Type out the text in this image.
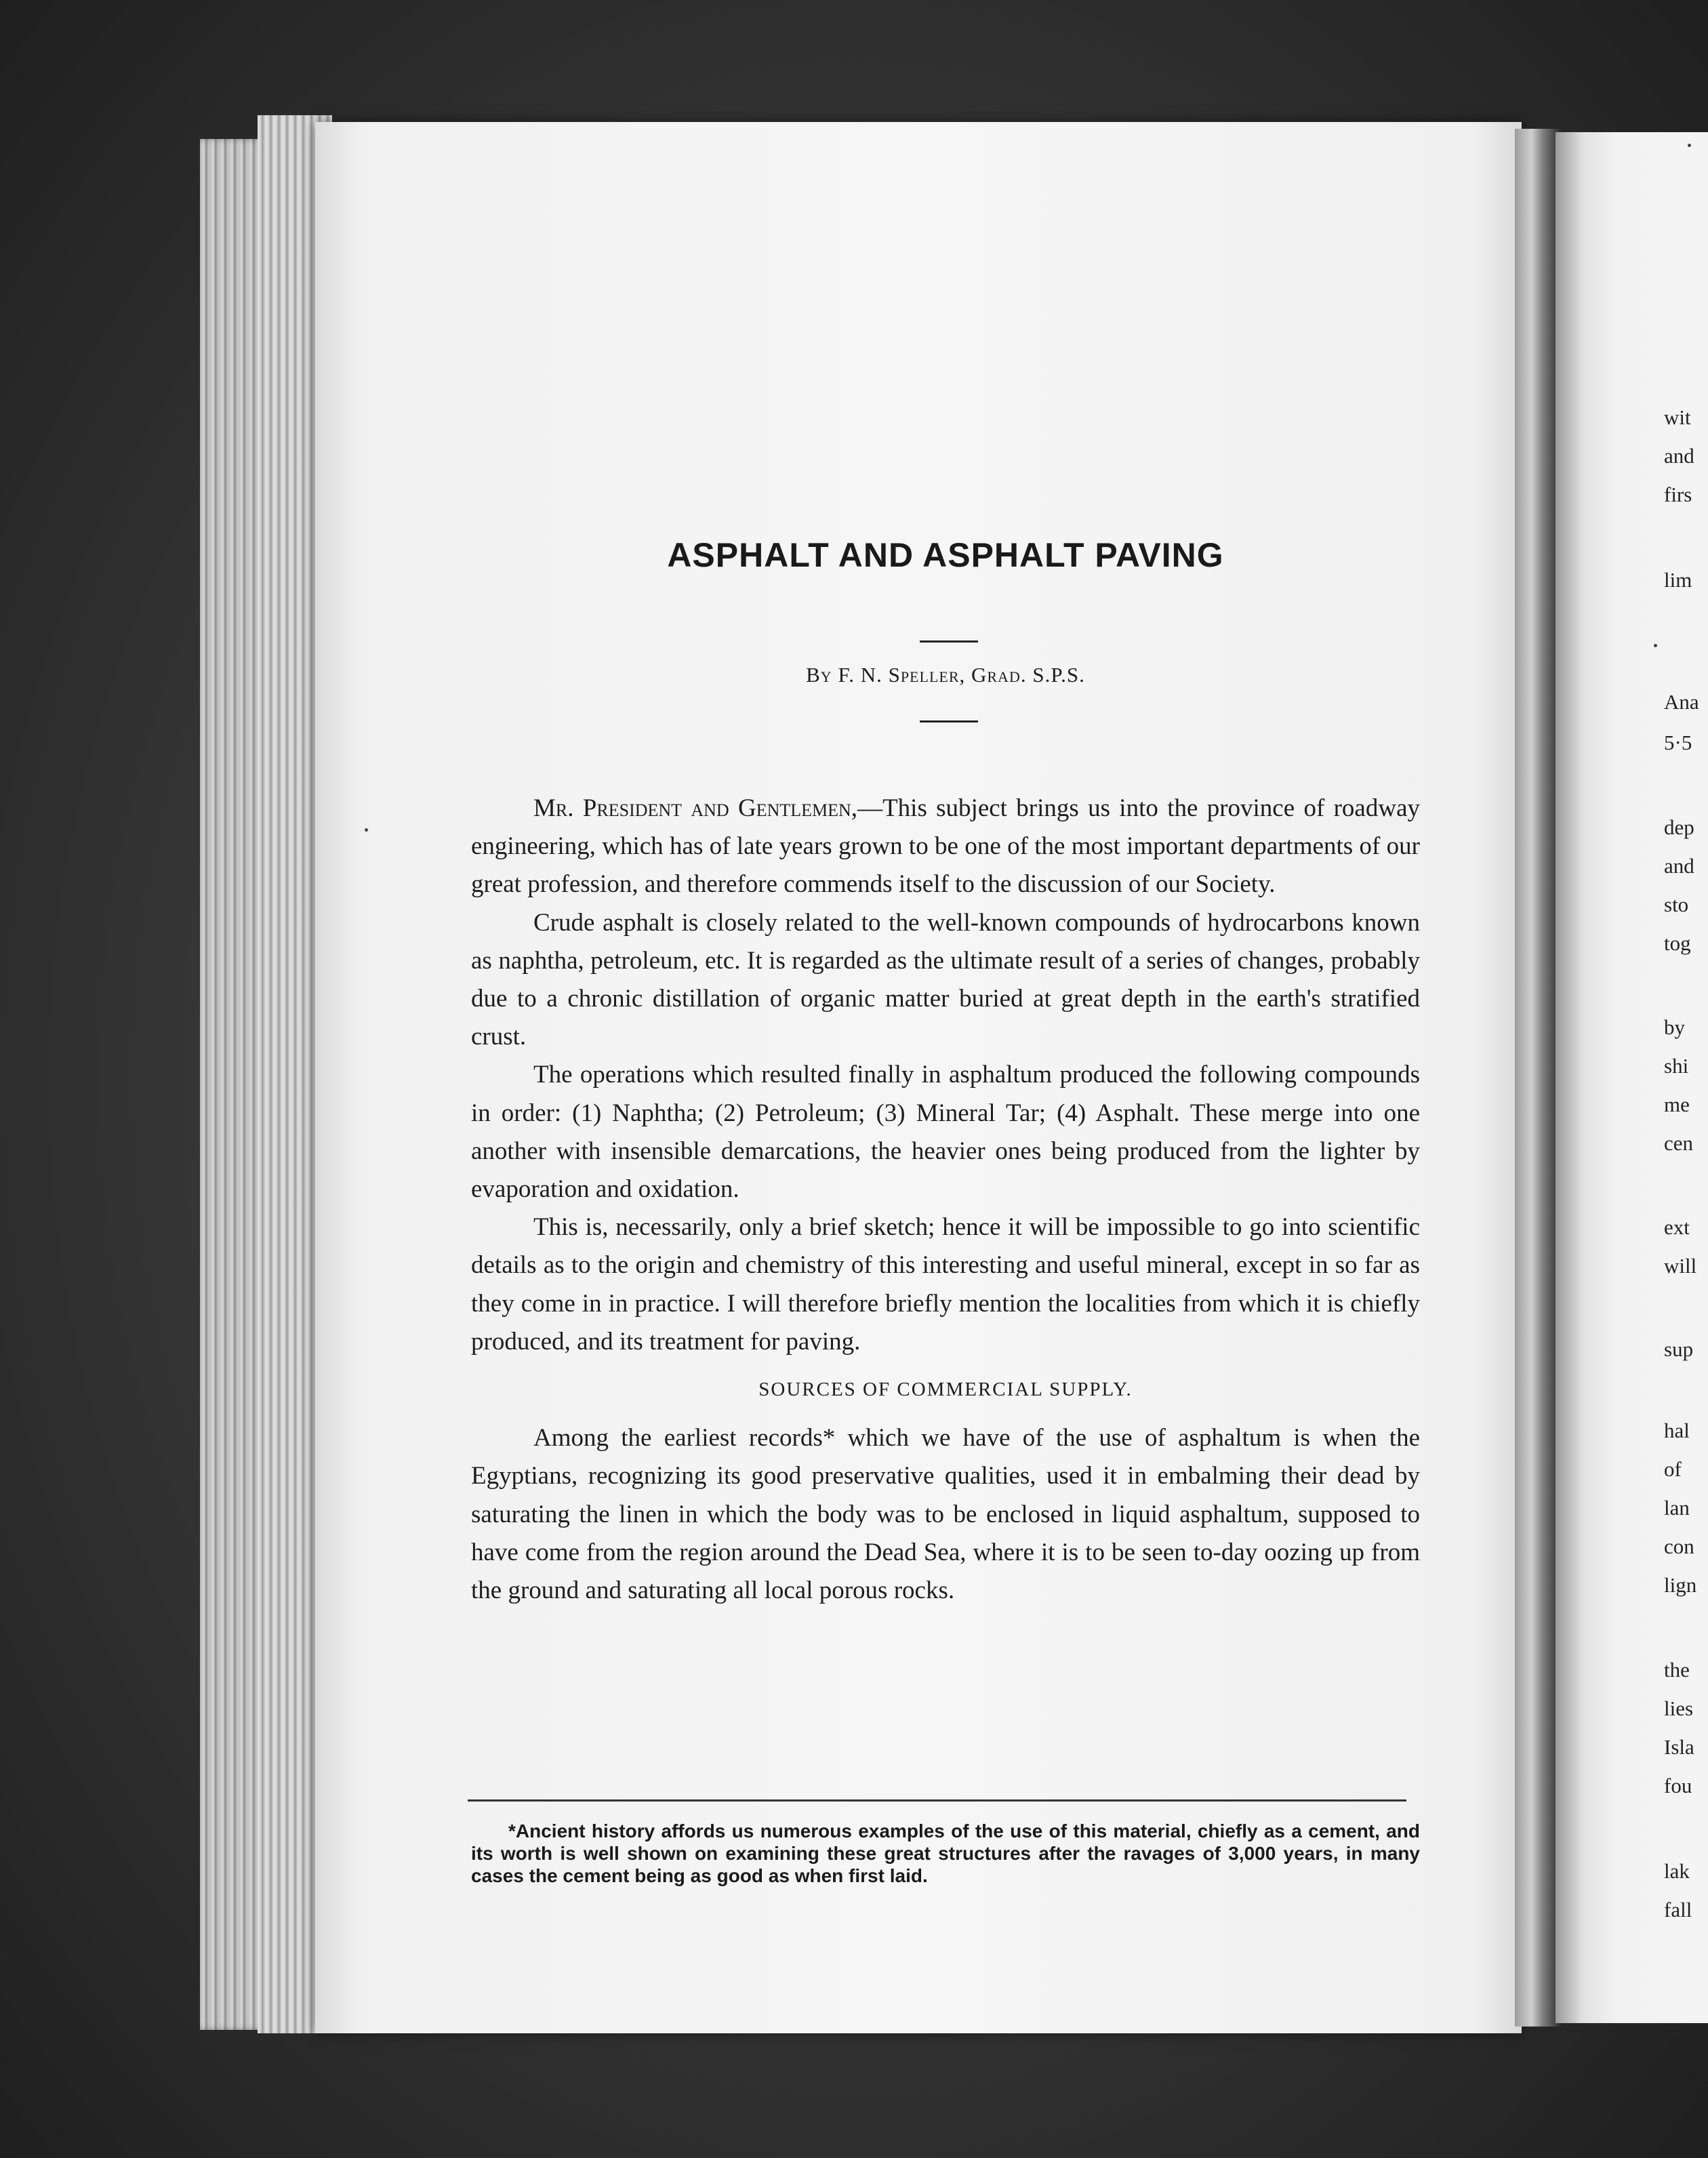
wit
and
firs
lim
Ana
5·5
dep
and
sto
tog
by
shi
me
cen
ext
will
sup
hal
of
lan
con
lign
the
lies
Isla
fou
lak
fall
ASPHALT AND ASPHALT PAVING
By F. N. Speller, Grad. S.P.S.

Mr. President and Gentlemen,—This subject brings us into the province of roadway engineering, which has of late years grown to be one of the most important departments of our great profession, and therefore commends itself to the discussion of our Society.

Crude asphalt is closely related to the well-known compounds of hydrocarbons known as naphtha, petroleum, etc. It is regarded as the ultimate result of a series of changes, probably due to a chronic distillation of organic matter buried at great depth in the earth's stratified crust.

The operations which resulted finally in asphaltum produced the following compounds in order: (1) Naphtha; (2) Petroleum; (3) Mineral Tar; (4) Asphalt. These merge into one another with insensible demarcations, the heavier ones being produced from the lighter by evaporation and oxidation.

This is, necessarily, only a brief sketch; hence it will be impossible to go into scientific details as to the origin and chemistry of this interesting and useful mineral, except in so far as they come in in practice. I will therefore briefly mention the localities from which it is chiefly produced, and its treatment for paving.

SOURCES OF COMMERCIAL SUPPLY.

Among the earliest records* which we have of the use of asphaltum is when the Egyptians, recognizing its good preservative qualities, used it in embalming their dead by saturating the linen in which the body was to be enclosed in liquid asphaltum, supposed to have come from the region around the Dead Sea, where it is to be seen to-day oozing up from the ground and saturating all local porous rocks.

*Ancient history affords us numerous examples of the use of this material, chiefly as a cement, and its worth is well shown on examining these great structures after the ravages of 3,000 years, in many cases the cement being as good as when first laid.
